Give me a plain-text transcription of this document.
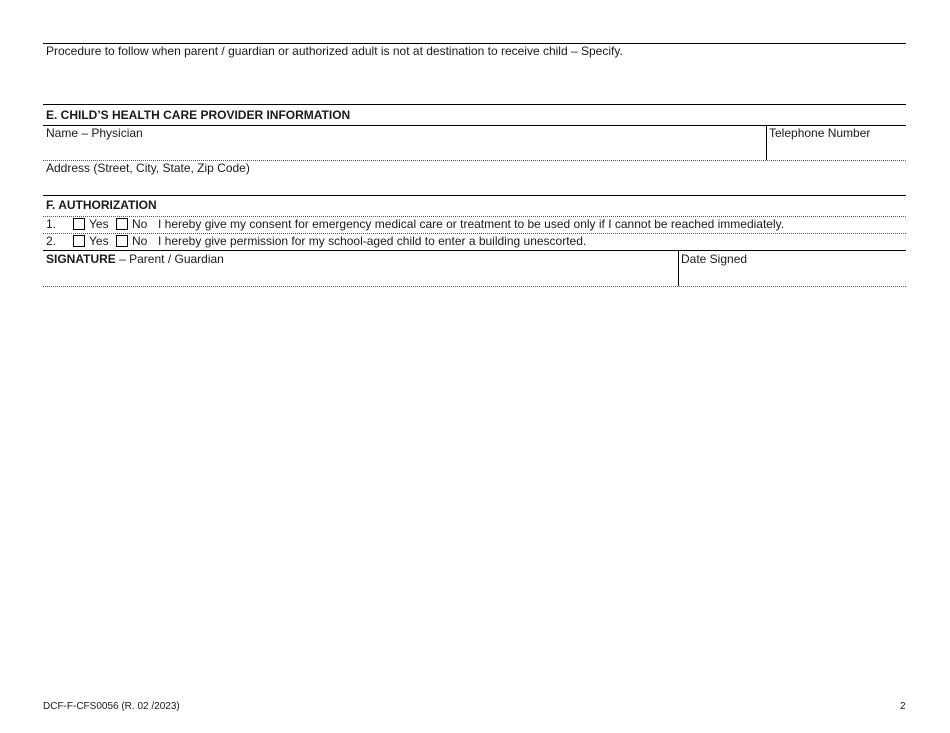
Procedure to follow when parent / guardian or authorized adult is not at destination to receive child – Specify.
E. CHILD’S HEALTH CARE PROVIDER INFORMATION
Name – Physician	Telephone Number
Address (Street, City, State, Zip Code)
F. AUTHORIZATION
1.	Yes No I hereby give my consent for emergency medical care or treatment to be used only if I cannot be reached immediately.
2.	Yes No I hereby give permission for my school-aged child to enter a building unescorted.
SIGNATURE – Parent / Guardian	Date Signed
DCF-F-CFS0056 (R. 02 /2023)	2
